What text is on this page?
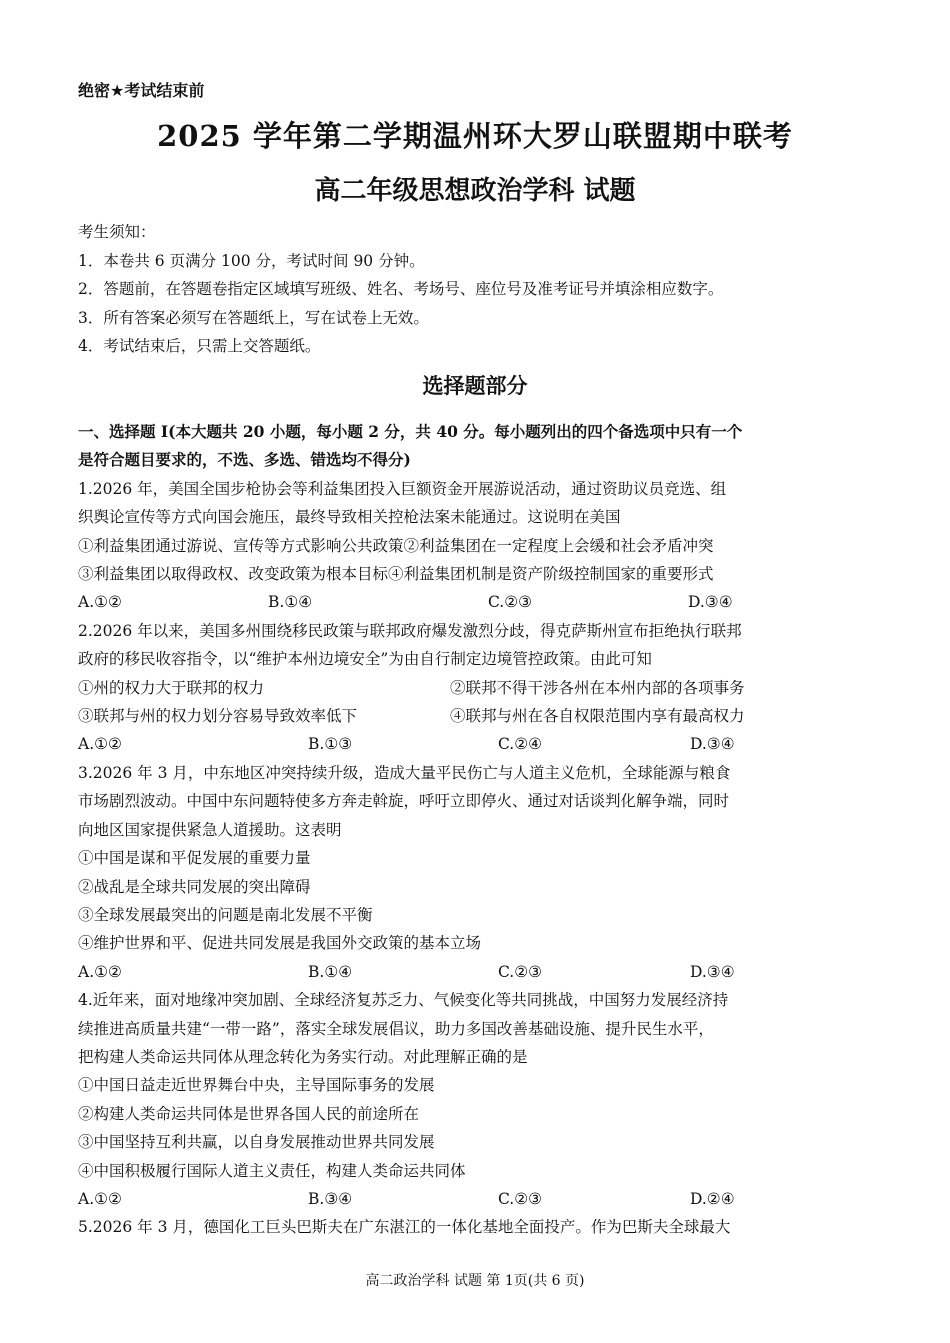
绝密★考试结束前
2025 学年第二学期温州环大罗山联盟期中联考
高二年级思想政治学科 试题
考生须知：
1．本卷共 6 页满分 100 分，考试时间 90 分钟。
2．答题前，在答题卷指定区域填写班级、姓名、考场号、座位号及准考证号并填涂相应数字。
3．所有答案必须写在答题纸上，写在试卷上无效。
4．考试结束后，只需上交答题纸。
选择题部分
一、选择题 I(本大题共 20 小题，每小题 2 分，共 40 分。每小题列出的四个备选项中只有一个
是符合题目要求的，不选、多选、错选均不得分)
1.2026 年，美国全国步枪协会等利益集团投入巨额资金开展游说活动，通过资助议员竞选、组
织舆论宣传等方式向国会施压，最终导致相关控枪法案未能通过。这说明在美国
①利益集团通过游说、宣传等方式影响公共政策②利益集团在一定程度上会缓和社会矛盾冲突
③利益集团以取得政权、改变政策为根本目标④利益集团机制是资产阶级控制国家的重要形式
A.①②	B.①④	C.②③	D.③④
2.2026 年以来，美国多州围绕移民政策与联邦政府爆发激烈分歧，得克萨斯州宣布拒绝执行联邦
政府的移民收容指令，以“维护本州边境安全”为由自行制定边境管控政策。由此可知
①州的权力大于联邦的权力	②联邦不得干涉各州在本州内部的各项事务
③联邦与州的权力划分容易导致效率低下	④联邦与州在各自权限范围内享有最高权力
A.①②	B.①③	C.②④	D.③④
3.2026 年 3 月，中东地区冲突持续升级，造成大量平民伤亡与人道主义危机，全球能源与粮食
市场剧烈波动。中国中东问题特使多方奔走斡旋，呼吁立即停火、通过对话谈判化解争端，同时
向地区国家提供紧急人道援助。这表明
①中国是谋和平促发展的重要力量
②战乱是全球共同发展的突出障碍
③全球发展最突出的问题是南北发展不平衡
④维护世界和平、促进共同发展是我国外交政策的基本立场
A.①②	B.①④	C.②③	D.③④
4.近年来，面对地缘冲突加剧、全球经济复苏乏力、气候变化等共同挑战，中国努力发展经济持
续推进高质量共建“一带一路”，落实全球发展倡议，助力多国改善基础设施、提升民生水平，
把构建人类命运共同体从理念转化为务实行动。对此理解正确的是
①中国日益走近世界舞台中央，主导国际事务的发展
②构建人类命运共同体是世界各国人民的前途所在
③中国坚持互利共赢，以自身发展推动世界共同发展
④中国积极履行国际人道主义责任，构建人类命运共同体
A.①②	B.③④	C.②③	D.②④
5.2026 年 3 月，德国化工巨头巴斯夫在广东湛江的一体化基地全面投产。作为巴斯夫全球最大
高二政治学科 试题 第 1页(共 6 页)
